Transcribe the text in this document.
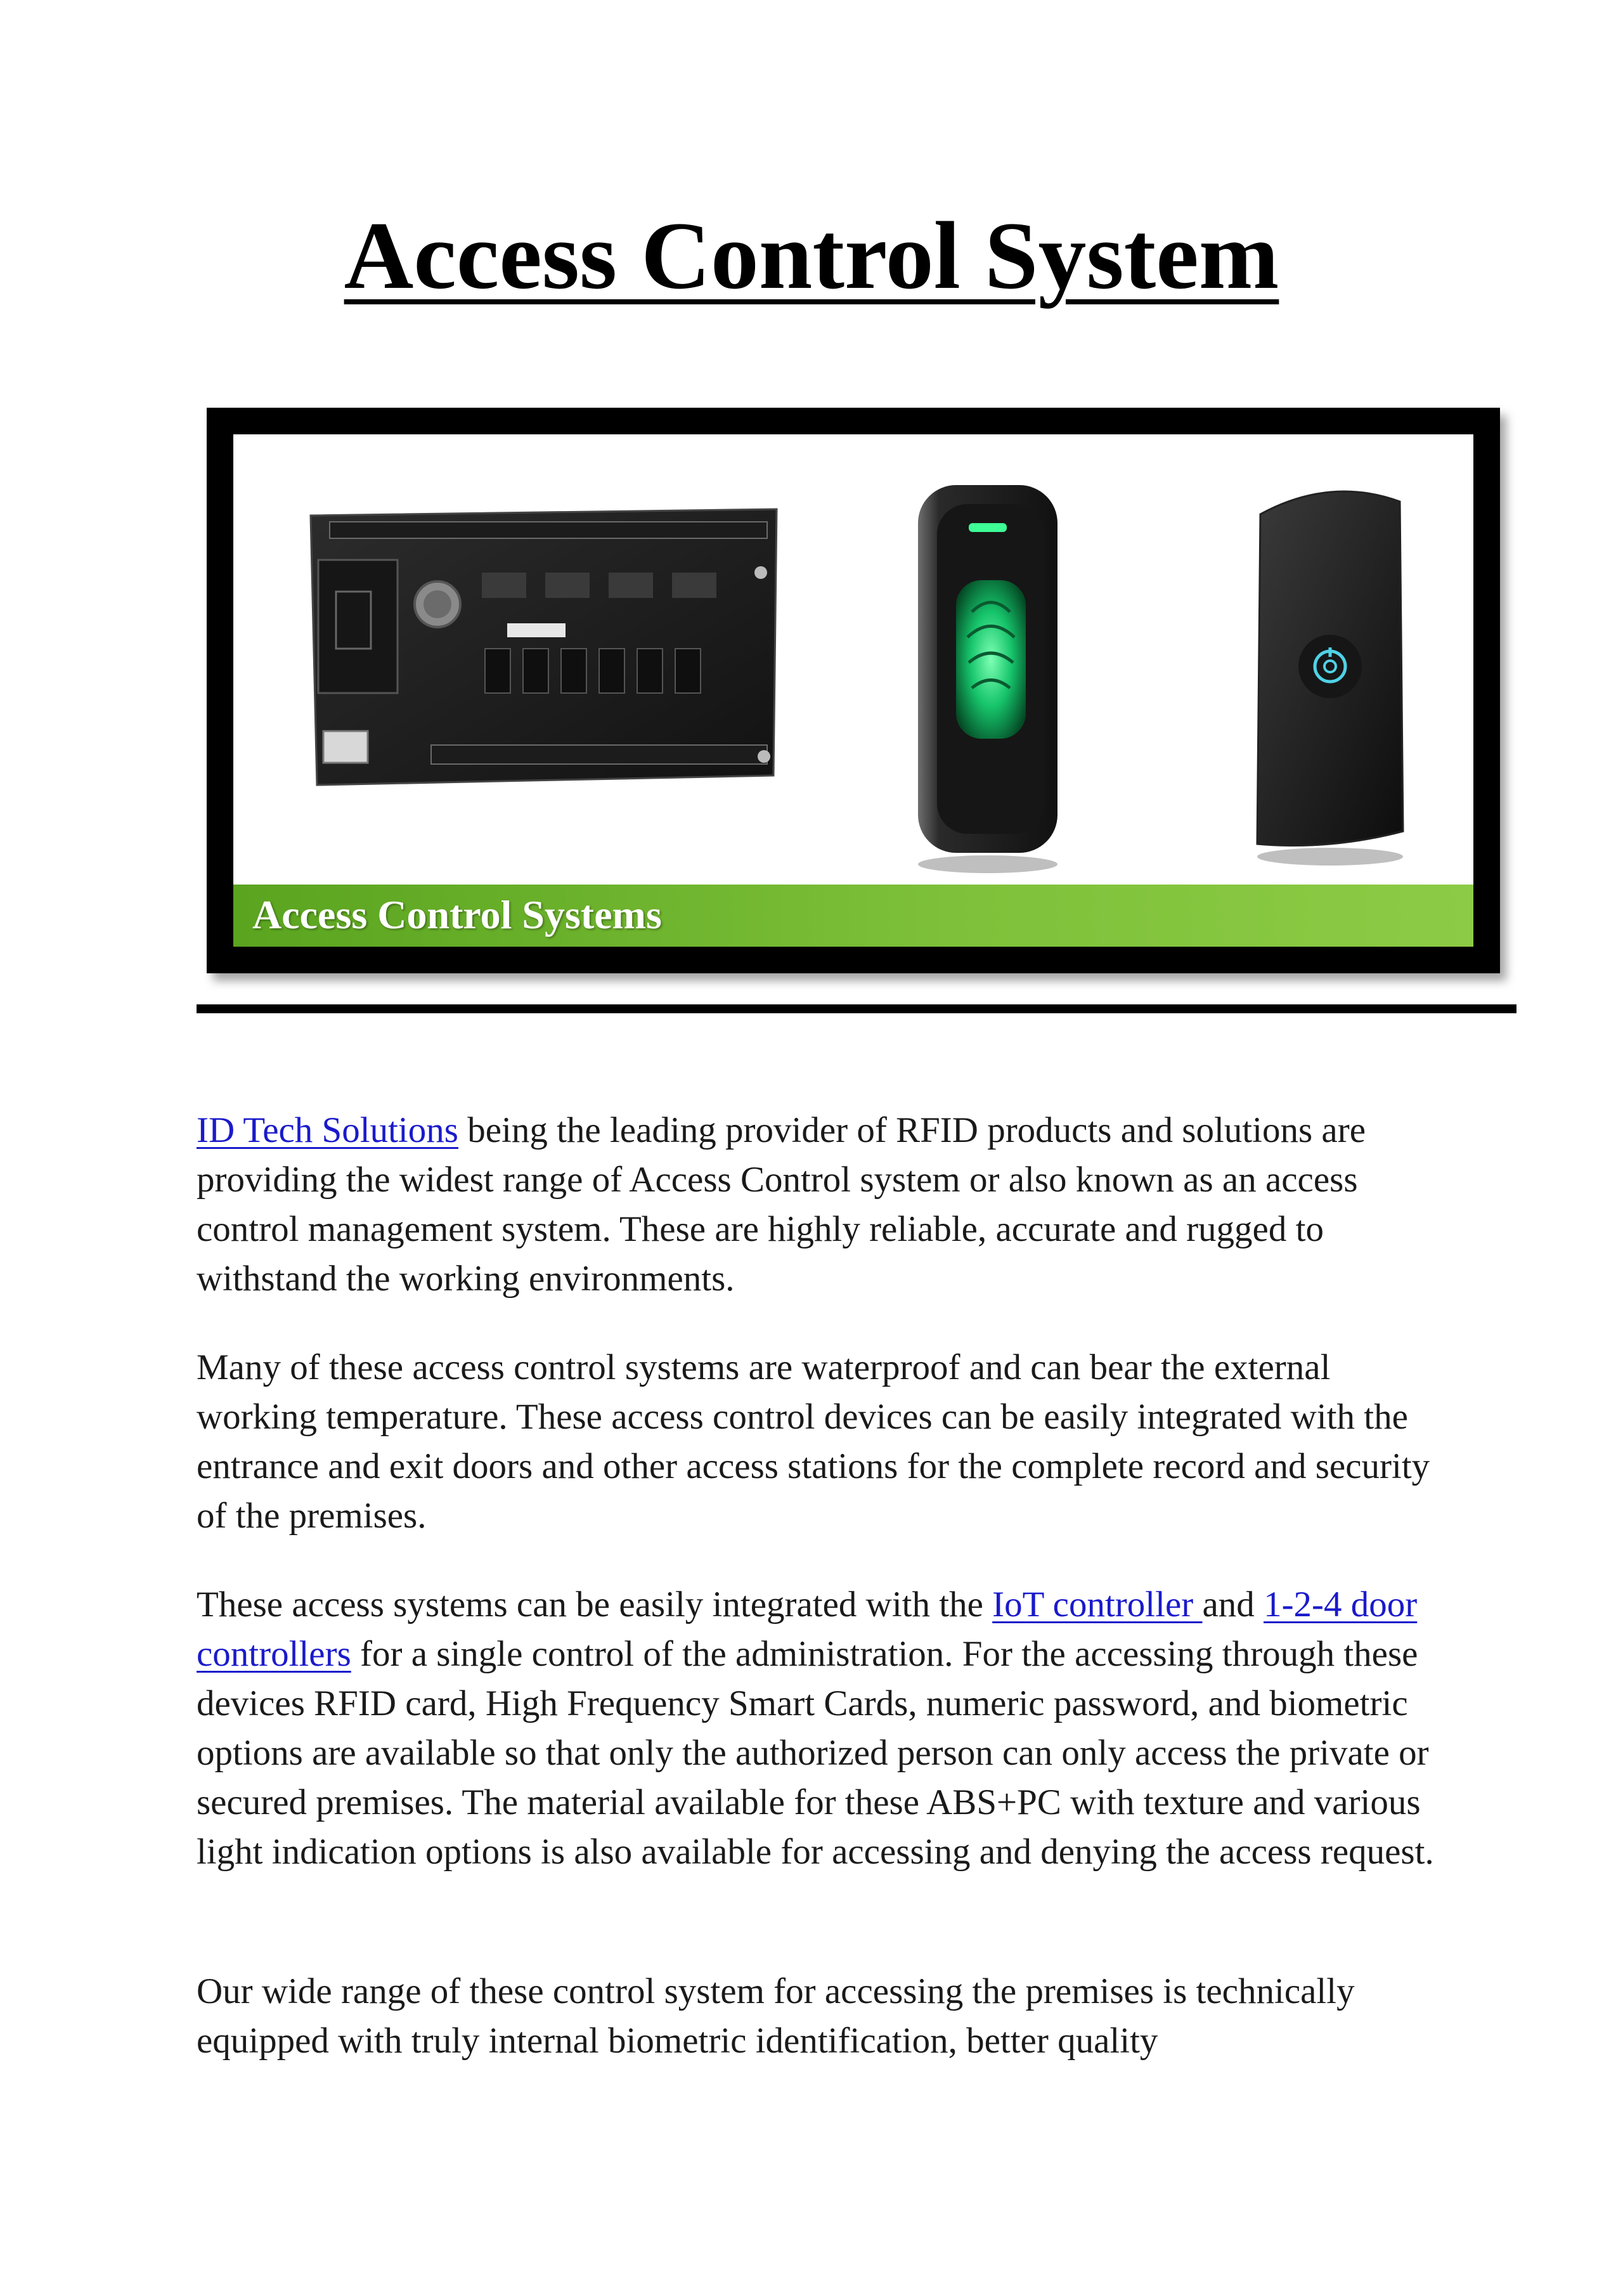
Access Control System
Access Control Systems

ID Tech Solutions being the leading provider of RFID products and solutions are providing the widest range of Access Control system or also known as an access control management system. These are highly reliable, accurate and rugged to withstand the working environments.

Many of these access control systems are waterproof and can bear the external working temperature. These access control devices can be easily integrated with the entrance and exit doors and other access stations for the complete record and security of the premises.

These access systems can be easily integrated with the IoT controller and 1-2-4 door controllers for a single control of the administration. For the accessing through these devices RFID card, High Frequency Smart Cards, numeric password, and biometric options are available so that only the authorized person can only access the private or secured premises. The material available for these ABS+PC with texture and various light indication options is also available for accessing and denying the access request.

Our wide range of these control system for accessing the premises is technically equipped with truly internal biometric identification, better quality
